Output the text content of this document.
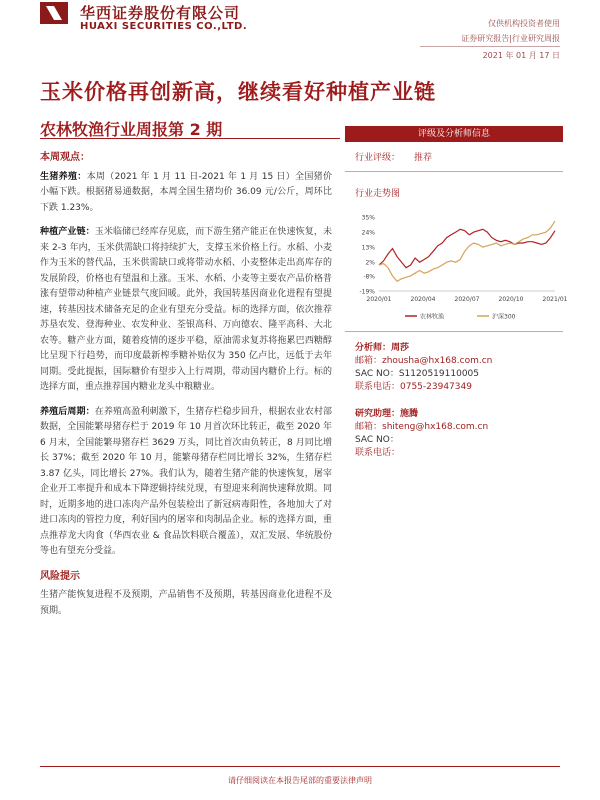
华西证券股份有限公司
HUAXI SECURITIES CO.,LTD.	仅供机构投资者使用
证券研究报告|行业研究周报
2021 年 01 月 17 日
玉米价格再创新高，继续看好种植产业链
农林牧渔行业周报第 2 期
本周观点：
生猪养殖：本周（2021 年 1 月 11 日-2021 年 1 月 15 日）全国猪价小幅下跌。根据猪易通数据，本周全国生猪均价 36.09 元/公斤，周环比下跌 1.23%。
种植产业链：玉米临储已经库存见底，而下游生猪产能正在快速恢复，未来 2-3 年内，玉米供需缺口将持续扩大，支撑玉米价格上行。水稻、小麦作为玉米的替代品，玉米供需缺口或将带动水稻、小麦整体走出高库存的发展阶段，价格也有望温和上涨。玉米、水稻、小麦等主要农产品价格普涨有望带动种植产业链景气度回暖。此外，我国转基因商业化进程有望提速，转基因技术储备充足的企业有望充分受益。标的选择方面，依次推荐苏垦农发、登海种业、农发种业、荃银高科、万向德农、隆平高科、大北农等。糖产业方面，随着疫情的逐步平稳，原油需求复苏将拖累巴西糖醇比呈现下行趋势，而印度最新榨季糖补贴仅为 350 亿卢比，远低于去年同期。受此提振，国际糖价有望步入上行周期，带动国内糖价上行。标的选择方面，重点推荐国内糖业龙头中粮糖业。
养殖后周期：在养殖高盈利刺激下，生猪存栏稳步回升，根据农业农村部数据，全国能繁母猪存栏于 2019 年 10 月首次环比转正，截至 2020 年 6 月末，全国能繁母猪存栏 3629 万头，同比首次由负转正，8 月同比增长 37%；截至 2020 年 10 月，能繁母猪存栏同比增长 32%，生猪存栏 3.87 亿头，同比增长 27%。我们认为，随着生猪产能的快速恢复，屠宰企业开工率提升和成本下降逻辑持续兑现，有望迎来利润快速释放期。同时，近期多地的进口冻肉产品外包装检出了新冠病毒阳性，各地加大了对进口冻肉的管控力度，利好国内的屠宰和肉制品企业。标的选择方面，重点推荐龙大肉食（华西农业 & 食品饮料联合覆盖），双汇发展、华统股份等也有望充分受益。
风险提示
生猪产能恢复进程不及预期，产品销售不及预期，转基因商业化进程不及预期。
评级及分析师信息
行业评级： 推荐
行业走势图
35%
24%
13%
2%
-8%
-19%
2020/01	2020/04	2020/07	2020/10	2021/01
农林牧渔	沪深300
分析师：周莎
邮箱：zhousha@hx168.com.cn
SAC NO：S1120519110005
联系电话：0755-23947349
研究助理：施腾
邮箱：shiteng@hx168.com.cn
SAC NO：
联系电话：
请仔细阅读在本报告尾部的重要法律声明
